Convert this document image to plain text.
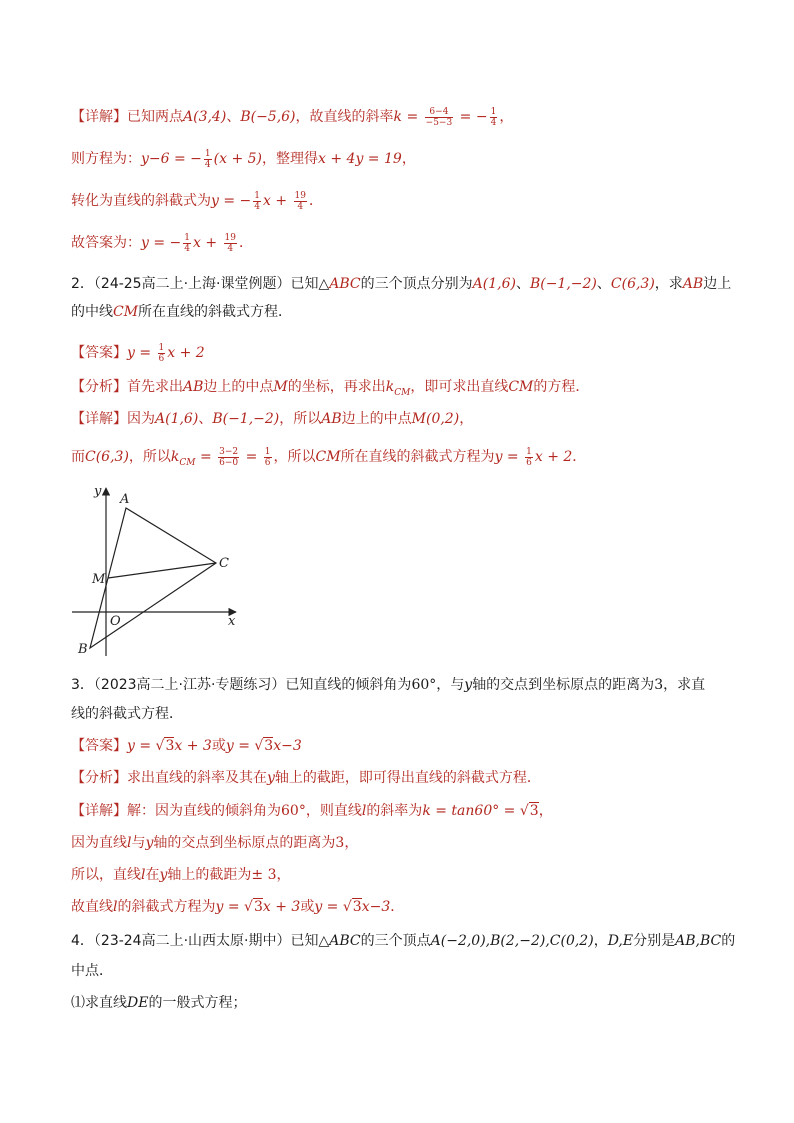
【详解】已知两点A(3,4)、B(−5,6)，故直线的斜率$k = \frac{6-4}{-5-3}$ = − $\frac{1}{4}$ ，
则方程为：y−6 = − $\frac{1}{4} (x + 5)$，整理得x + 4y = 19，
转化为直线的斜截式为y = − $\frac{1}{4}$ $x + \frac{19}{4}$ ．
故答案为：y = − $\frac{1}{4}$ $x + \frac{19}{4}$ ．
2．（24-25高二上·上海·课堂例题）已知△ABC的三个顶点分别为A(1,6)、B(−1,−2)、C(6,3)，求AB边上
的中线CM所在直线的斜截式方程．
【答案】$y = \frac{1}{6}$ x + 2
【分析】首先求出AB边上的中点M的坐标，再求出$k_{CM}$，即可求出直线CM的方程．
【详解】因为A(1,6)、B(−1,−2)，所以AB边上的中点M(0,2)，
而C(6,3)，所以$k_{CM} = \frac{3-2}{6-0} = \frac{1}{6}$ ，所以CM所在直线的斜截式方程为$y = \frac{1}{6}$ x + 2．
y
A
C
M
O	x
B
3．（2023高二上·江苏·专题练习）已知直线的倾斜角为60°，与y轴的交点到坐标原点的距离为3，求直
线的斜截式方程．
【答案】y = √3x + 3或y = √3x−3
【分析】求出直线的斜率及其在y轴上的截距，即可得出直线的斜截式方程．
【详解】解：因为直线的倾斜角为60°，则直线l的斜率为k = tan60° = √3，
因为直线l与y轴的交点到坐标原点的距离为3，
所以，直线l在y轴上的截距为± 3，
故直线l的斜截式方程为y = √3x + 3或y = √3x−3．
4．（23-24高二上·山西太原·期中）已知△ABC的三个顶点A(−2,0),B(2,−2),C(0,2)，D,E分别是AB,BC的
中点．
⑴求直线DE的一般式方程；
